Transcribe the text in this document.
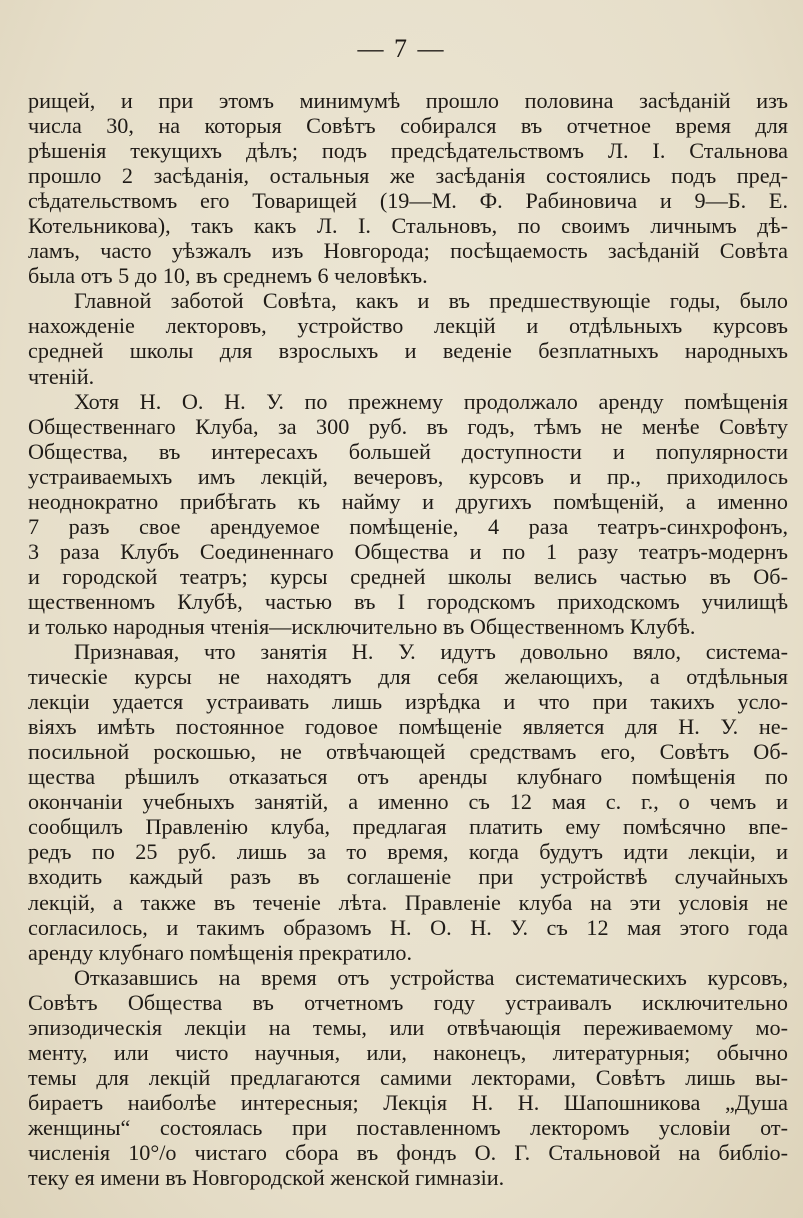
— 7 —
рищей, и при этомъ минимумѣ прошло половина засѣданій изъ
числа 30, на которыя Совѣтъ собирался въ отчетное время для
рѣшенія текущихъ дѣлъ; подъ предсѣдательствомъ Л. І. Стальнова
прошло 2 засѣданія, остальныя же засѣданія состоялись подъ пред-
сѣдательствомъ его Товарищей (19—М. Ф. Рабиновича и 9—Б. Е.
Котельникова), такъ какъ Л. І. Стальновъ, по своимъ личнымъ дѣ-
ламъ, часто уѣзжалъ изъ Новгорода; посѣщаемость засѣданій Совѣта
была отъ 5 до 10, въ среднемъ 6 человѣкъ.
Главной заботой Совѣта, какъ и въ предшествующіе годы, было
нахожденіе лекторовъ, устройство лекцій и отдѣльныхъ курсовъ
средней школы для взрослыхъ и веденіе безплатныхъ народныхъ
чтеній.
Хотя Н. О. Н. У. по прежнему продолжало аренду помѣщенія
Общественнаго Клуба, за 300 руб. въ годъ, тѣмъ не менѣе Совѣту
Общества, въ интересахъ большей доступности и популярности
устраиваемыхъ имъ лекцій, вечеровъ, курсовъ и пр., приходилось
неоднократно прибѣгать къ найму и другихъ помѣщеній, а именно
7 разъ свое арендуемое помѣщеніе, 4 раза театръ-синхрофонъ,
3 раза Клубъ Соединеннаго Общества и по 1 разу театръ-модернъ
и городской театръ; курсы средней школы велись частью въ Об-
щественномъ Клубѣ, частью въ І городскомъ приходскомъ училищѣ
и только народныя чтенія—исключительно въ Общественномъ Клубѣ.
Признавая, что занятія Н. У. идутъ довольно вяло, система-
тическіе курсы не находятъ для себя желающихъ, а отдѣльныя
лекціи удается устраивать лишь изрѣдка и что при такихъ усло-
віяхъ имѣть постоянное годовое помѣщеніе является для Н. У. не-
посильной роскошью, не отвѣчающей средствамъ его, Совѣтъ Об-
щества рѣшилъ отказаться отъ аренды клубнаго помѣщенія по
окончаніи учебныхъ занятій, а именно съ 12 мая с. г., о чемъ и
сообщилъ Правленію клуба, предлагая платить ему помѣсячно впе-
редъ по 25 руб. лишь за то время, когда будутъ идти лекціи, и
входить каждый разъ въ соглашеніе при устройствѣ случайныхъ
лекцій, а также въ теченіе лѣта. Правленіе клуба на эти условія не
согласилось, и такимъ образомъ Н. О. Н. У. съ 12 мая этого года
аренду клубнаго помѣщенія прекратило.
Отказавшись на время отъ устройства систематическихъ курсовъ,
Совѣтъ Общества въ отчетномъ году устраивалъ исключительно
эпизодическія лекціи на темы, или отвѣчающія переживаемому мо-
менту, или чисто научныя, или, наконецъ, литературныя; обычно
темы для лекцій предлагаются самими лекторами, Совѣтъ лишь вы-
бираетъ наиболѣе интересныя; Лекція Н. Н. Шапошникова „Душа
женщины“ состоялась при поставленномъ лекторомъ условіи от-
численія 10°/о чистаго сбора въ фондъ О. Г. Стальновой на библіо-
теку ея имени въ Новгородской женской гимназіи.
